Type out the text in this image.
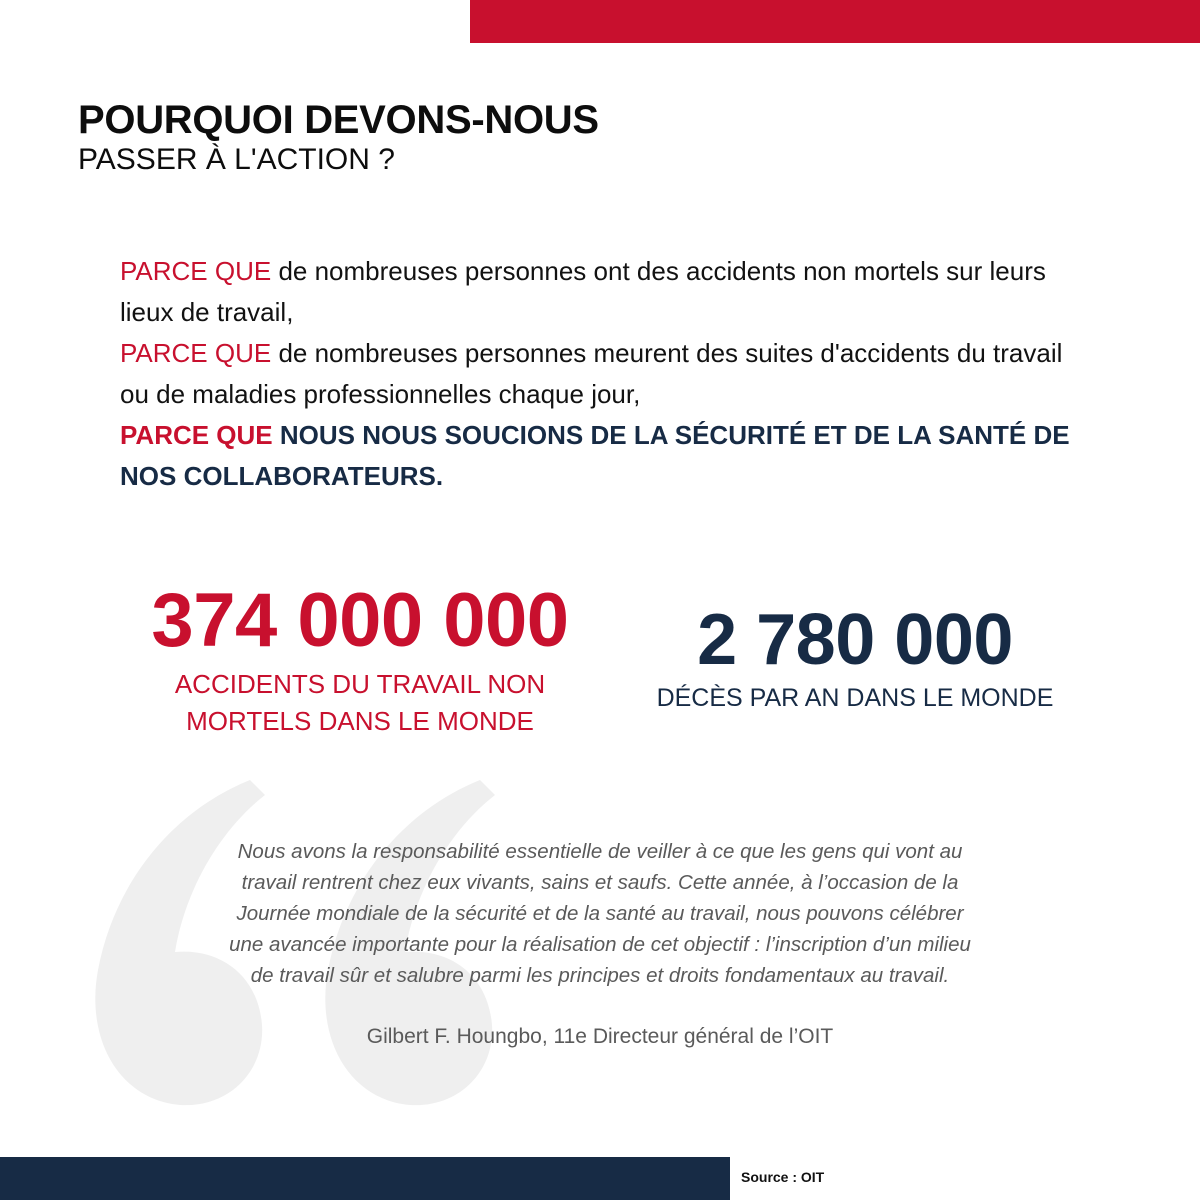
POURQUOI DEVONS-NOUS
PASSER À L'ACTION ?

PARCE QUE de nombreuses personnes ont des accidents non mortels sur leurs lieux de travail,

PARCE QUE de nombreuses personnes meurent des suites d'accidents du travail ou de maladies professionnelles chaque jour,

PARCE QUE NOUS NOUS SOUCIONS DE LA SÉCURITÉ ET DE LA SANTÉ DE NOS COLLABORATEURS.

374 000 000
ACCIDENTS DU TRAVAIL NON
MORTELS DANS LE MONDE
2 780 000
DÉCÈS PAR AN DANS LE MONDE
Nous avons la responsabilité essentielle de veiller à ce que les gens qui vont au
travail rentrent chez eux vivants, sains et saufs. Cette année, à l’occasion de la
Journée mondiale de la sécurité et de la santé au travail, nous pouvons célébrer
une avancée importante pour la réalisation de cet objectif : l’inscription d’un milieu
de travail sûr et salubre parmi les principes et droits fondamentaux au travail.
Gilbert F. Houngbo, 11e Directeur général de l’OIT
Source : OIT
